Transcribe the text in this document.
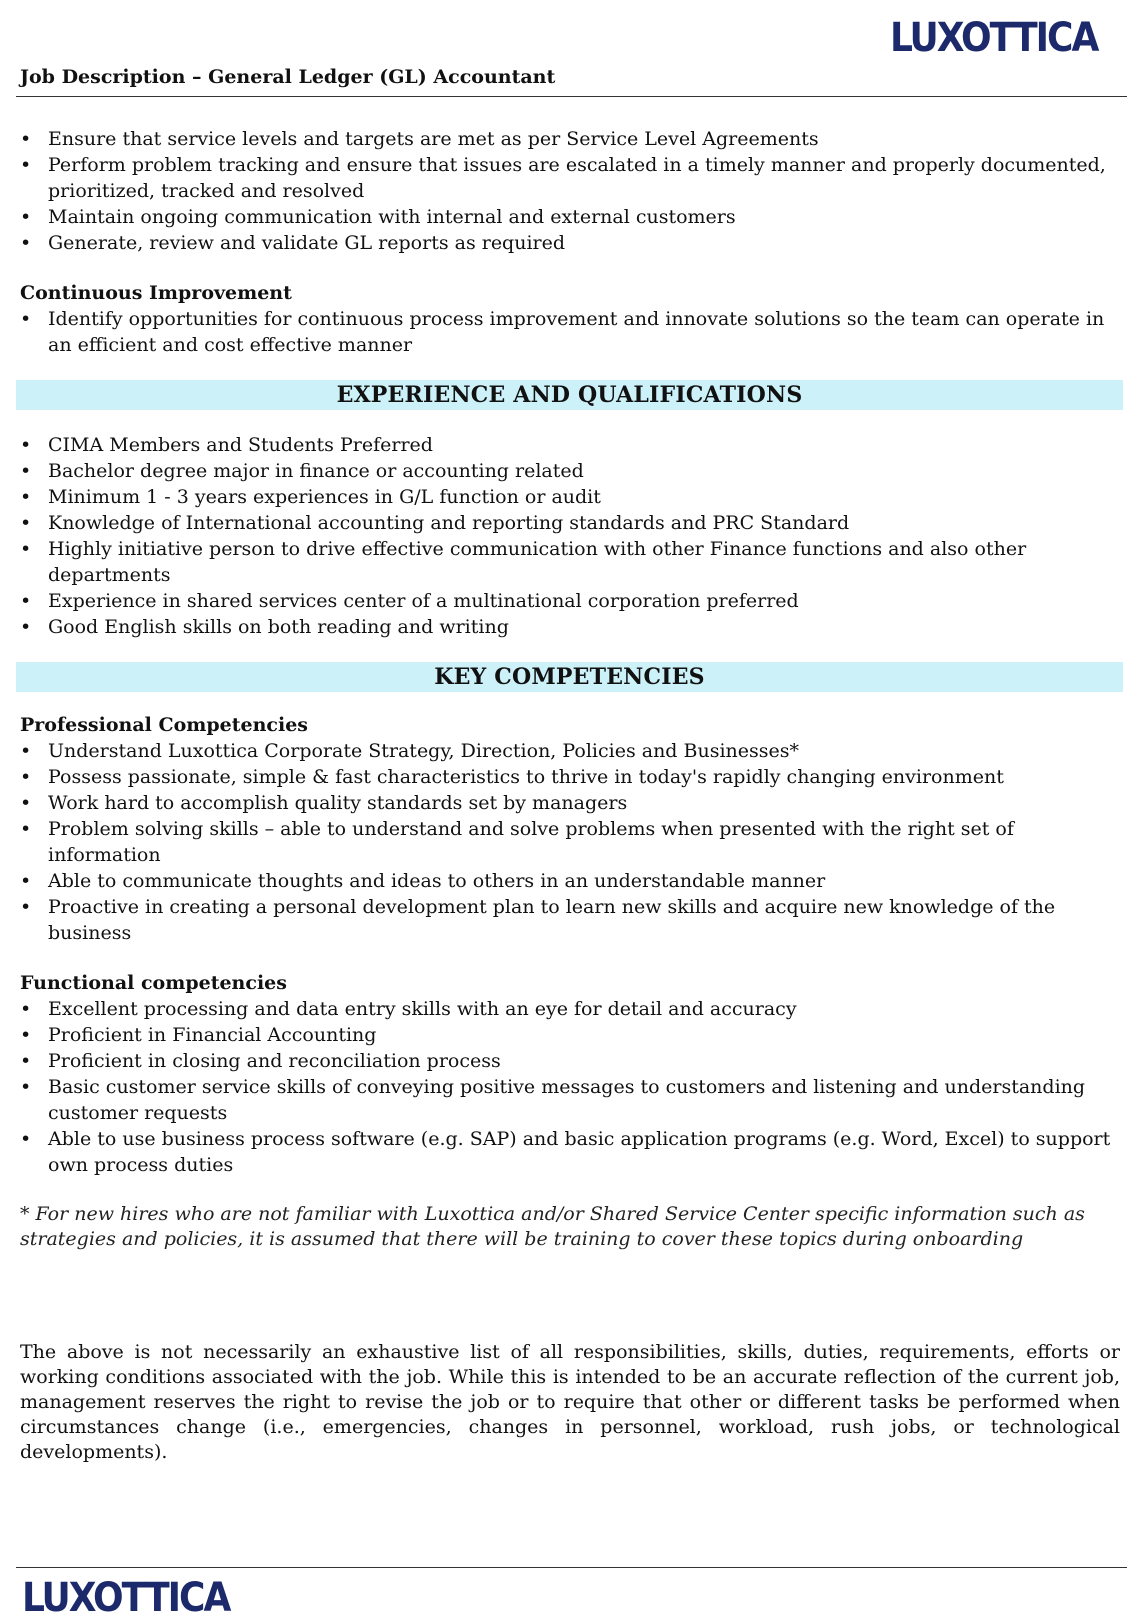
LUXOTTICA
Job Description – General Ledger (GL) Accountant
• Ensure that service levels and targets are met as per Service Level Agreements
• Perform problem tracking and ensure that issues are escalated in a timely manner and properly documented, prioritized, tracked and resolved
• Maintain ongoing communication with internal and external customers
• Generate, review and validate GL reports as required
Continuous Improvement
• Identify opportunities for continuous process improvement and innovate solutions so the team can operate in an efficient and cost effective manner
EXPERIENCE AND QUALIFICATIONS
• CIMA Members and Students Preferred
• Bachelor degree major in finance or accounting related
• Minimum 1 - 3 years experiences in G/L function or audit
• Knowledge of International accounting and reporting standards and PRC Standard
• Highly initiative person to drive effective communication with other Finance functions and also other departments
• Experience in shared services center of a multinational corporation preferred
• Good English skills on both reading and writing
KEY COMPETENCIES
Professional Competencies
• Understand Luxottica Corporate Strategy, Direction, Policies and Businesses*
• Possess passionate, simple & fast characteristics to thrive in today's rapidly changing environment
• Work hard to accomplish quality standards set by managers
• Problem solving skills – able to understand and solve problems when presented with the right set of information
• Able to communicate thoughts and ideas to others in an understandable manner
• Proactive in creating a personal development plan to learn new skills and acquire new knowledge of the business
Functional competencies
• Excellent processing and data entry skills with an eye for detail and accuracy
• Proficient in Financial Accounting
• Proficient in closing and reconciliation process
• Basic customer service skills of conveying positive messages to customers and listening and understanding customer requests
• Able to use business process software (e.g. SAP) and basic application programs (e.g. Word, Excel) to support own process duties
* For new hires who are not familiar with Luxottica and/or Shared Service Center specific information such as strategies and policies, it is assumed that there will be training to cover these topics during onboarding
The above is not necessarily an exhaustive list of all responsibilities, skills, duties, requirements, efforts or working conditions associated with the job. While this is intended to be an accurate reflection of the current job, management reserves the right to revise the job or to require that other or different tasks be performed when circumstances change (i.e., emergencies, changes in personnel, workload, rush jobs, or technological developments).
LUXOTTICA
